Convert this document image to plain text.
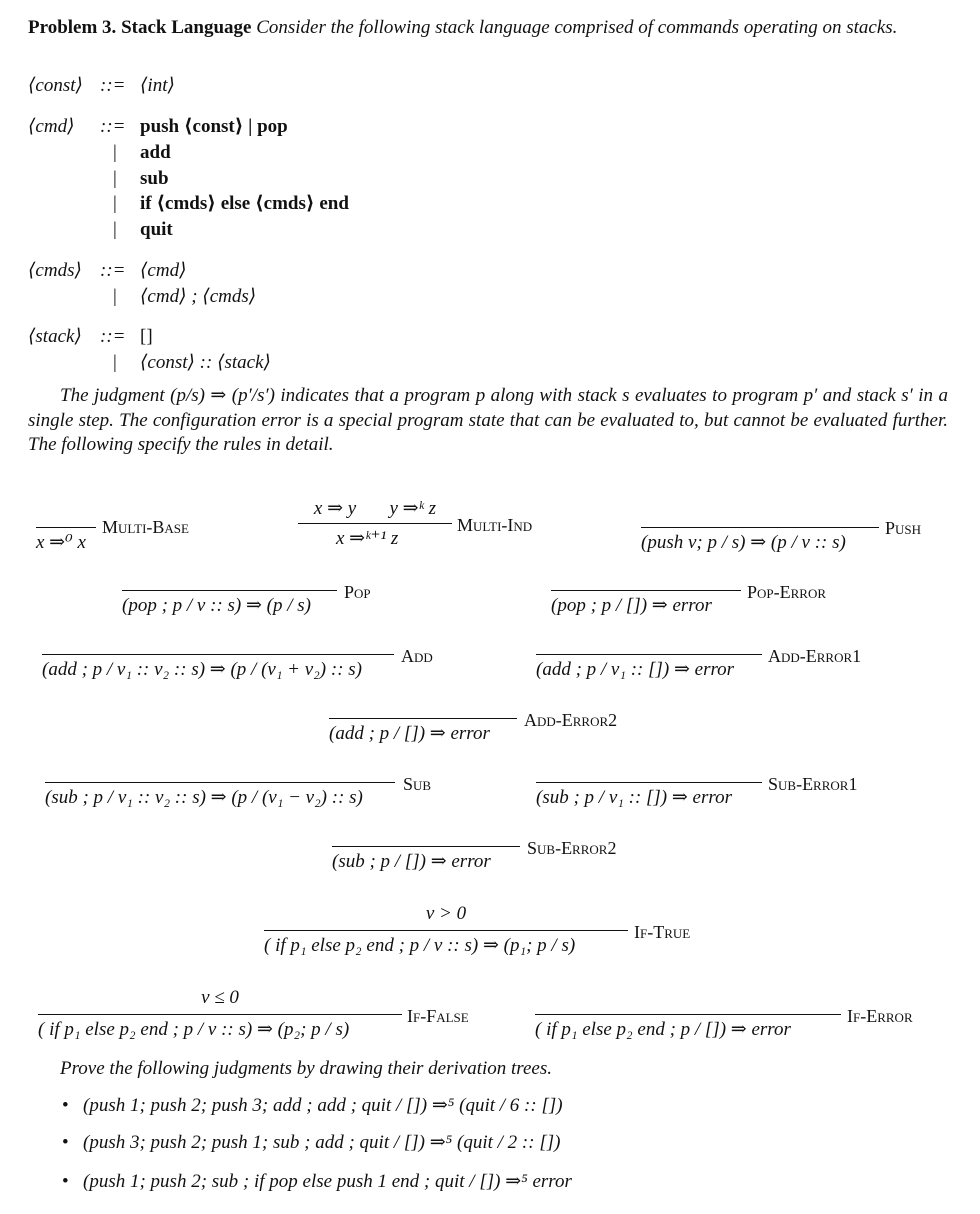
Problem 3. Stack Language Consider the following stack language comprised of commands operating on stacks.
⟨const⟩ ::= ⟨int⟩
⟨cmd⟩ ::= push ⟨const⟩ | pop
| add
| sub
| if ⟨cmds⟩ else ⟨cmds⟩ end
| quit
⟨cmds⟩ ::= ⟨cmd⟩
| ⟨cmd⟩ ; ⟨cmds⟩
⟨stack⟩ ::= []
| ⟨const⟩ :: ⟨stack⟩
The judgment (p/s) ⇒ (p′/s′) indicates that a program p along with stack s evaluates to program p′ and stack s′ in a single step. The configuration error is a special program state that can be evaluated to, but cannot be evaluated further. The following specify the rules in detail.
x ⇒⁰ x
Multi-Base
x ⇒ y       y ⇒ᵏ z
x ⇒ᵏ⁺¹ z
Multi-Ind
(push v; p / s) ⇒ (p / v :: s)
Push
(pop ; p / v :: s) ⇒ (p / s)
Pop
(pop ; p / []) ⇒ error
Pop-Error
(add ; p / v₁ :: v₂ :: s) ⇒ (p / (v₁ + v₂) :: s)
Add
(add ; p / v₁ :: []) ⇒ error
Add-Error1
(add ; p / []) ⇒ error
Add-Error2
(sub ; p / v₁ :: v₂ :: s) ⇒ (p / (v₁ − v₂) :: s)
Sub
(sub ; p / v₁ :: []) ⇒ error
Sub-Error1
(sub ; p / []) ⇒ error
Sub-Error2
v > 0
( if p₁ else p₂ end ; p / v :: s) ⇒ (p₁; p / s)
If-True
v ≤ 0
( if p₁ else p₂ end ; p / v :: s) ⇒ (p₂; p / s)
If-False
( if p₁ else p₂ end ; p / []) ⇒ error
If-Error
Prove the following judgments by drawing their derivation trees.
• (push 1; push 2; push 3; add ; add ; quit / []) ⇒⁵ (quit / 6 :: [])
• (push 3; push 2; push 1; sub ; add ; quit / []) ⇒⁵ (quit / 2 :: [])
• (push 1; push 2; sub ; if pop else push 1 end ; quit / []) ⇒⁵ error
